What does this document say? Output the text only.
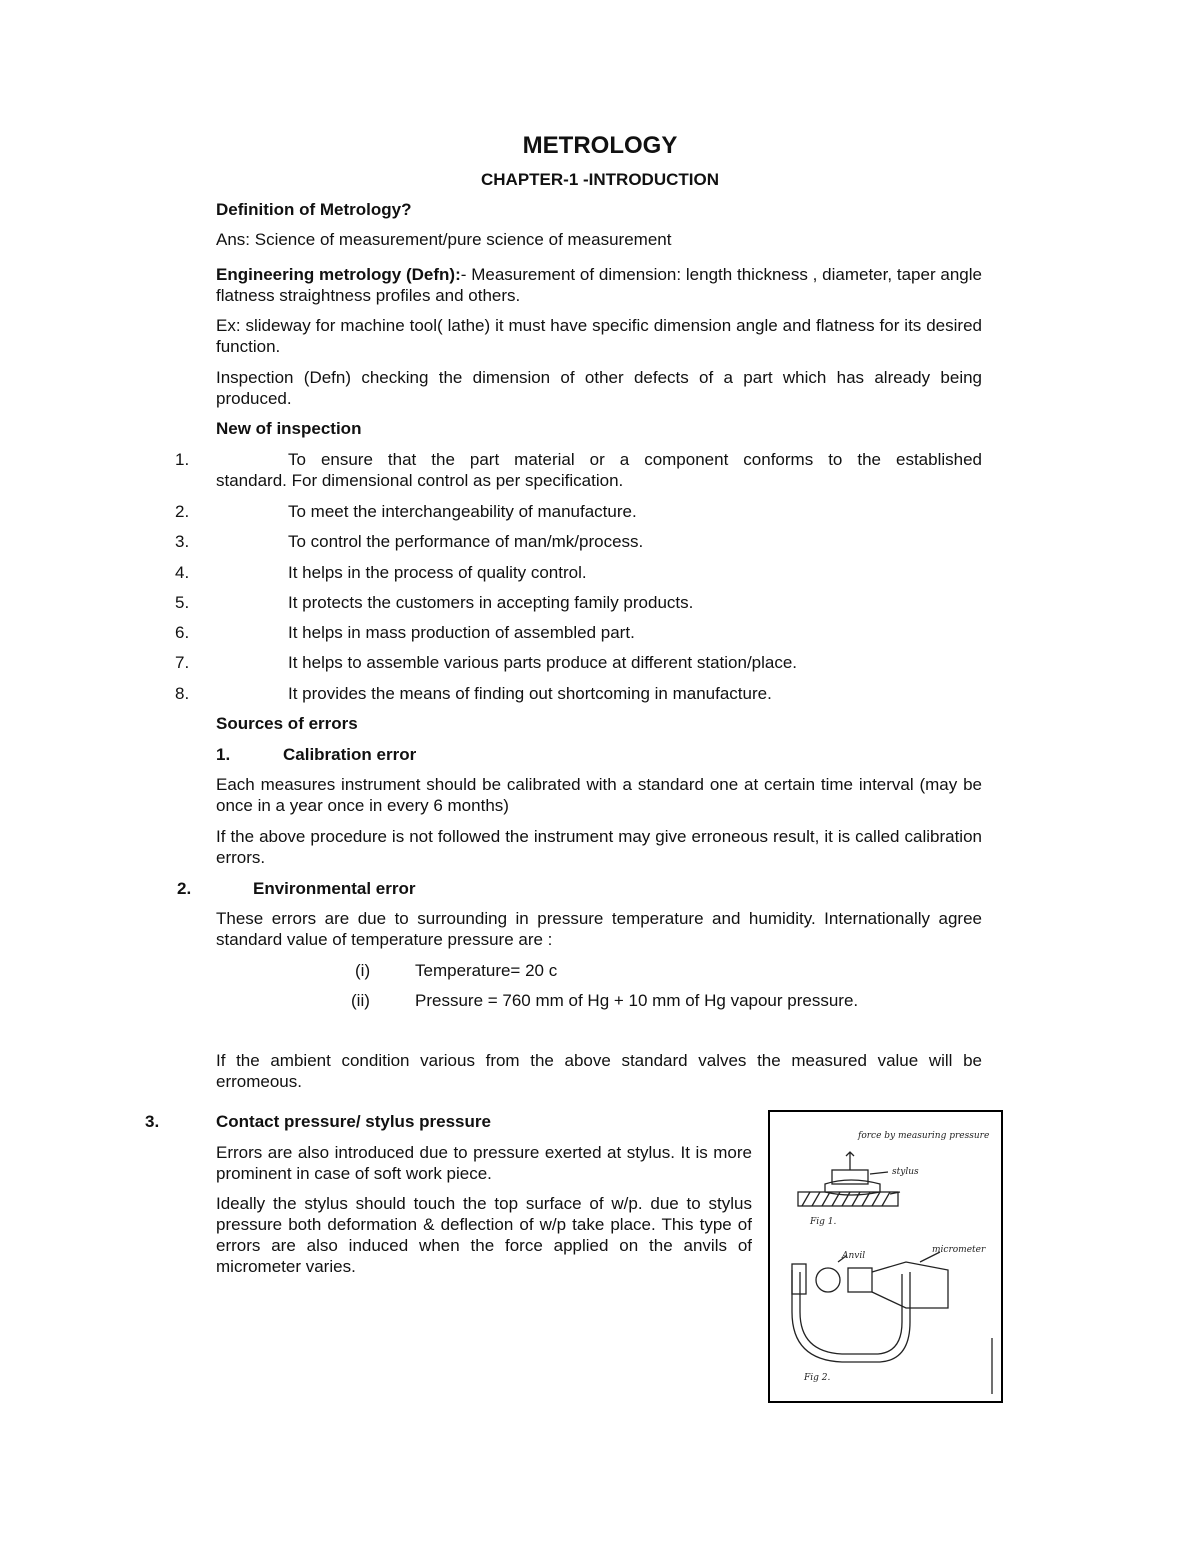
METROLOGY
CHAPTER-1 -INTRODUCTION
Definition of Metrology?
Ans: Science of measurement/pure science of measurement
Engineering metrology (Defn):- Measurement of dimension: length thickness , diameter, taper angle flatness straightness profiles and others.
Ex: slideway for machine tool( lathe) it must have specific dimension angle and flatness for its desired function.
Inspection (Defn) checking the dimension of other defects of a part which has already being produced.
New of inspection
1.	To ensure that the part material or a component conforms to the established
standard. For dimensional control as per specification.
2.	To meet the interchangeability of manufacture.
3.	To control the performance of man/mk/process.
4.	It helps in the process of quality control.
5.	It protects the customers in accepting family products.
6.	It helps in mass production of assembled part.
7.	It helps to assemble various parts produce at different station/place.
8.	It provides the means of finding out shortcoming in manufacture.
Sources of errors
1.	Calibration error
Each measures instrument should be calibrated with a standard one at certain time interval (may be once in a year once in every 6 months)
If the above procedure is not followed the instrument may give erroneous result, it is called calibration errors.
2.	Environmental error
These errors are due to surrounding in pressure temperature and humidity. Internationally agree standard value of temperature pressure are :
(i)	Temperature= 20 c
(ii)	Pressure = 760 mm of Hg + 10 mm of Hg vapour pressure.
If the ambient condition various from the above standard valves the measured value will be erromeous.
3.	Contact pressure/ stylus pressure
Errors are also introduced due to pressure exerted at stylus. It is more prominent in case of soft work piece.
Ideally the stylus should touch the top surface of w/p. due to stylus pressure both deformation & deflection of w/p take place. This type of errors are also induced when the force applied on the anvils of micrometer varies.
force by measuring pressure
stylus
Fig 1.
Anvil
micrometer
Fig 2.
